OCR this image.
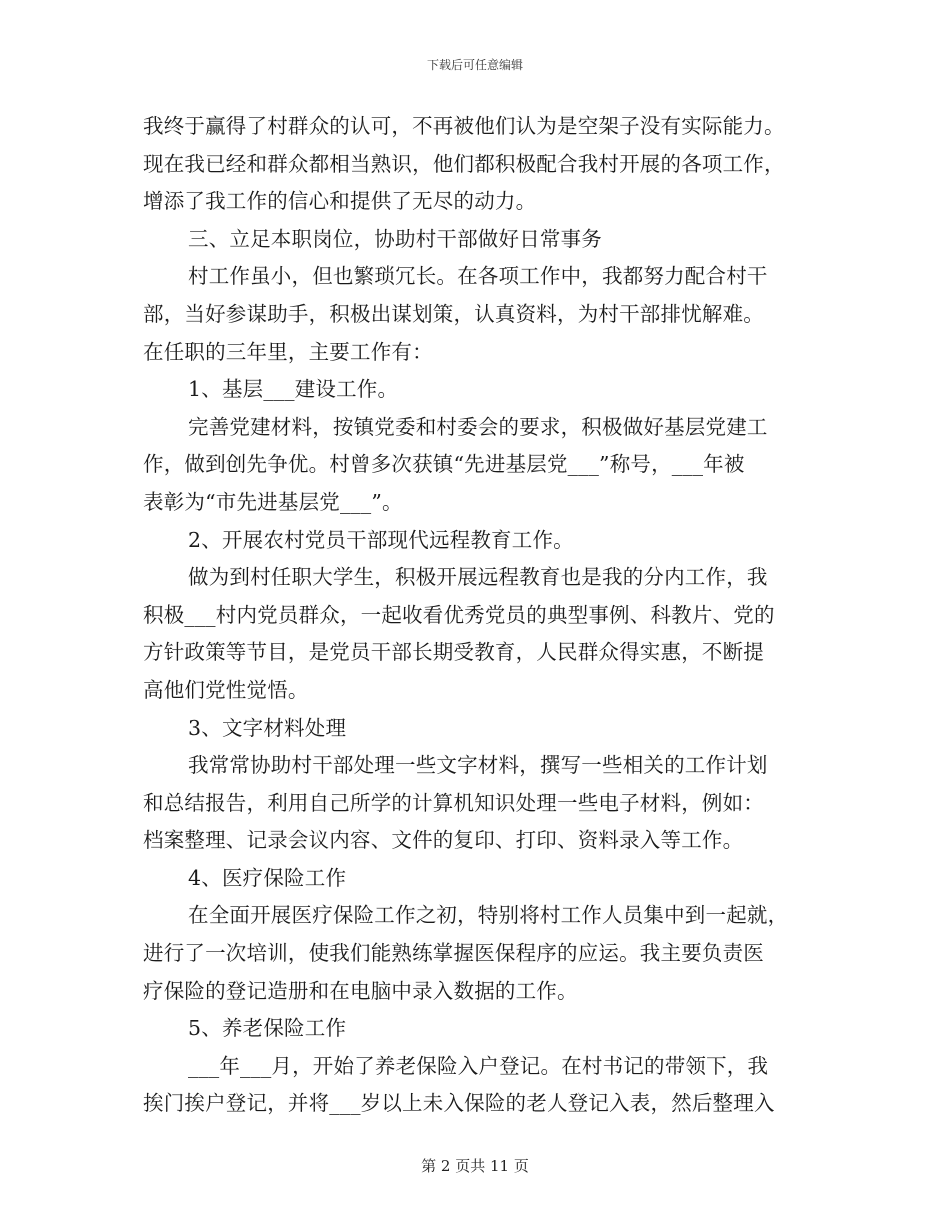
下载后可任意编辑
我终于赢得了村群众的认可，不再被他们认为是空架子没有实际能力。
现在我已经和群众都相当熟识，他们都积极配合我村开展的各项工作，
增添了我工作的信心和提供了无尽的动力。
三、立足本职岗位，协助村干部做好日常事务
村工作虽小，但也繁琐冗长。在各项工作中，我都努力配合村干
部，当好参谋助手，积极出谋划策，认真资料，为村干部排忧解难。
在任职的三年里，主要工作有：
1、基层___建设工作。
完善党建材料，按镇党委和村委会的要求，积极做好基层党建工
作，做到创先争优。村曾多次获镇“先进基层党___”称号，___年被
表彰为“市先进基层党___”。
2、开展农村党员干部现代远程教育工作。
做为到村任职大学生，积极开展远程教育也是我的分内工作，我
积极___村内党员群众，一起收看优秀党员的典型事例、科教片、党的
方针政策等节目，是党员干部长期受教育，人民群众得实惠，不断提
高他们党性觉悟。
3、文字材料处理
我常常协助村干部处理一些文字材料，撰写一些相关的工作计划
和总结报告，利用自己所学的计算机知识处理一些电子材料，例如：
档案整理、记录会议内容、文件的复印、打印、资料录入等工作。
4、医疗保险工作
在全面开展医疗保险工作之初，特别将村工作人员集中到一起就，
进行了一次培训，使我们能熟练掌握医保程序的应运。我主要负责医
疗保险的登记造册和在电脑中录入数据的工作。
5、养老保险工作
___年___月，开始了养老保险入户登记。在村书记的带领下，我
挨门挨户登记，并将___岁以上未入保险的老人登记入表，然后整理入
第 2 页共 11 页
